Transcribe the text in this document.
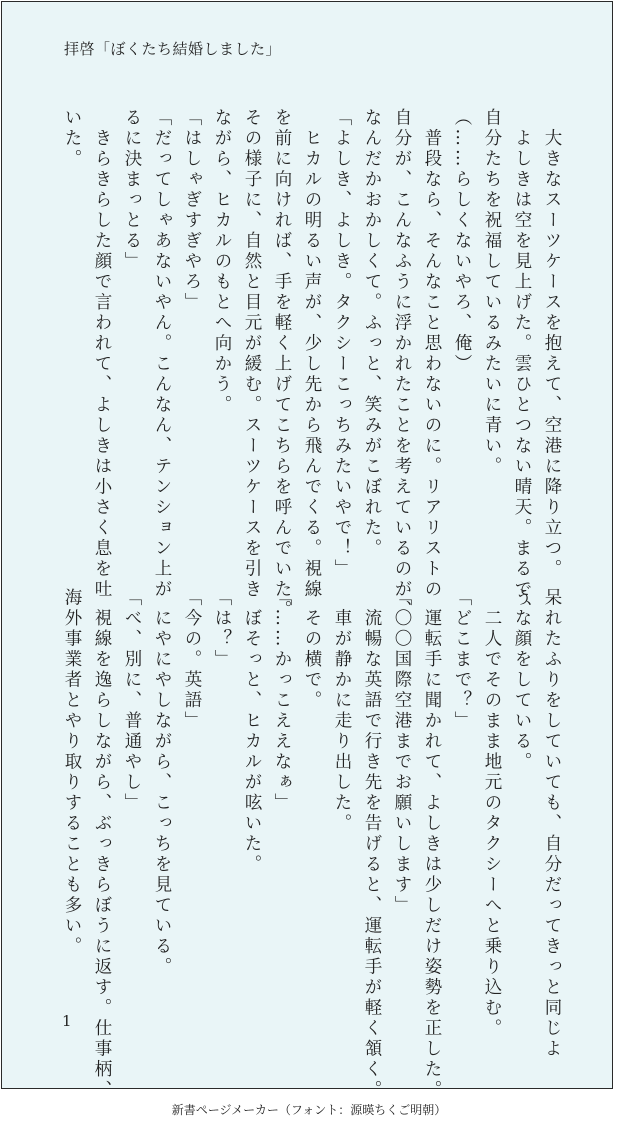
拝啓「ぼくたち結婚しました」
　大きなスーツケースを抱えて、空港に降り立つ。
　よしきは空を見上げた。雲ひとつない晴天。まるで、
自分たちを祝福しているみたいに青い。
（……らしくないやろ、俺）
　普段なら、そんなこと思わないのに。リアリストの
自分が、こんなふうに浮かれたことを考えているのが、
なんだかおかしくて。ふっと、笑みがこぼれた。
「よしき、よしき。タクシーこっちみたいやで！」
　ヒカルの明るい声が、少し先から飛んでくる。視線
を前に向ければ、手を軽く上げてこちらを呼んでいた。
その様子に、自然と目元が緩む。スーツケースを引き
ながら、ヒカルのもとへ向かう。
「はしゃぎすぎやろ」
「だってしゃあないやん。こんなん、テンション上が
るに決まっとる」
　きらきらした顔で言われて、よしきは小さく息を吐
いた。
呆れたふりをしていても、自分だってきっと同じよ
うな顔をしている。
　二人でそのまま地元のタクシーへと乗り込む。
「どこまで？」
　運転手に聞かれて、よしきは少しだけ姿勢を正した。
「〇〇国際空港までお願いします」
　流暢な英語で行き先を告げると、運転手が軽く頷く。
　車が静かに走り出した。
　その横で。
「……かっこええなぁ」
　ぼそっと、ヒカルが呟いた。
「は？」
「今の。英語」
　にやにやしながら、こっちを見ている。
「べ、別に、普通やし」
　視線を逸らしながら、ぶっきらぼうに返す。仕事柄、
海外事業者とやり取りすることも多い。
1
新書ページメーカー（フォント：源暎ちくご明朝）
